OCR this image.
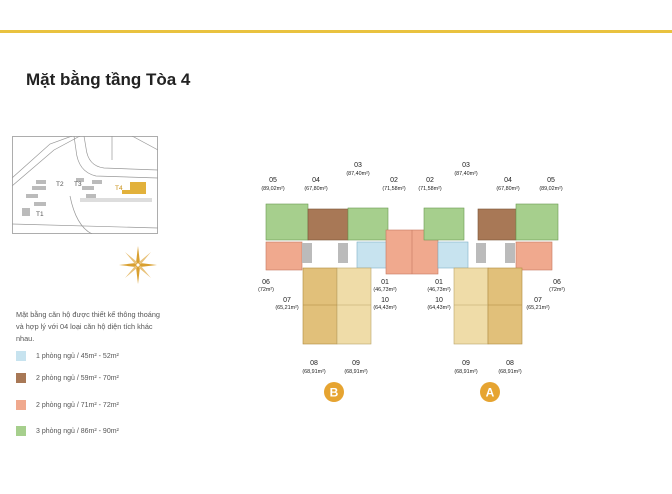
Mặt bằng tầng Tòa 4
T1
T2 T3
T4
Mặt bằng căn hộ được thiết kế thông thoáng và hợp lý với 04 loại căn hộ diện tích khác nhau.
1 phòng ngủ / 45m² - 52m²
2 phòng ngủ / 59m² - 70m²
2 phòng ngủ / 71m² - 72m²
3 phòng ngủ / 86m² - 90m²
05
(89,02m²)
04
(67,80m²)
03
(87,40m²)
02
(71,58m²)
06
(72m²)
01
(46,73m²)
07
(65,21m²)
10
(64,43m²)
08
(68,91m²)
09
(68,91m²)
02
(71,58m²)
03
(87,40m²)
04
(67,80m²)
05
(89,02m²)
01
(46,73m²)
06
(72m²)
10
(64,43m²)
07
(65,21m²)
09
(68,91m²)
08
(68,91m²)
B	A
